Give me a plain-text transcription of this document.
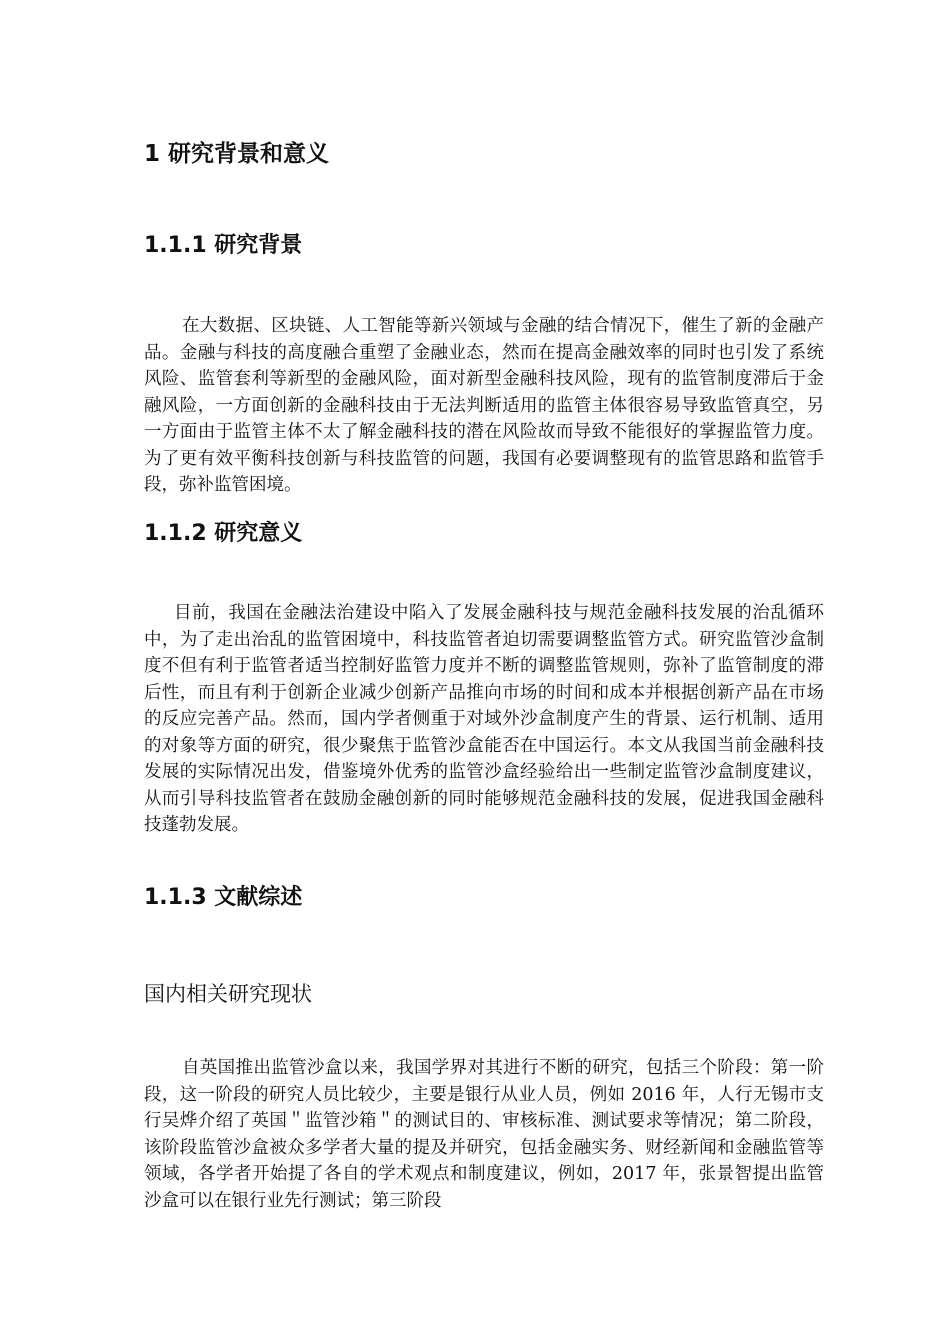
1 研究背景和意义
1.1.1 研究背景

在大数据、区块链、人工智能等新兴领域与金融的结合情况下，催生了新的金融产品。金融与科技的高度融合重塑了金融业态，然而在提高金融效率的同时也引发了系统风险、监管套利等新型的金融风险，面对新型金融科技风险，现有的监管制度滞后于金融风险，一方面创新的金融科技由于无法判断适用的监管主体很容易导致监管真空，另一方面由于监管主体不太了解金融科技的潜在风险故而导致不能很好的掌握监管力度。为了更有效平衡科技创新与科技监管的问题，我国有必要调整现有的监管思路和监管手段，弥补监管困境。

1.1.2 研究意义

目前，我国在金融法治建设中陷入了发展金融科技与规范金融科技发展的治乱循环中，为了走出治乱的监管困境中，科技监管者迫切需要调整监管方式。研究监管沙盒制度不但有利于监管者适当控制好监管力度并不断的调整监管规则，弥补了监管制度的滞后性，而且有利于创新企业减少创新产品推向市场的时间和成本并根据创新产品在市场的反应完善产品。然而，国内学者侧重于对域外沙盒制度产生的背景、运行机制、适用的对象等方面的研究，很少聚焦于监管沙盒能否在中国运行。本文从我国当前金融科技发展的实际情况出发，借鉴境外优秀的监管沙盒经验给出一些制定监管沙盒制度建议，从而引导科技监管者在鼓励金融创新的同时能够规范金融科技的发展，促进我国金融科技蓬勃发展。

1.1.3 文献综述
国内相关研究现状

自英国推出监管沙盒以来，我国学界对其进行不断的研究，包括三个阶段：第一阶段，这一阶段的研究人员比较少，主要是银行从业人员，例如 2016 年，人行无锡市支行吴烨介绍了英国＂监管沙箱＂的测试目的、审核标准、测试要求等情况；第二阶段，该阶段监管沙盒被众多学者大量的提及并研究，包括金融实务、财经新闻和金融监管等领域，各学者开始提了各自的学术观点和制度建议，例如，2017 年，张景智提出监管沙盒可以在银行业先行测试；第三阶段
